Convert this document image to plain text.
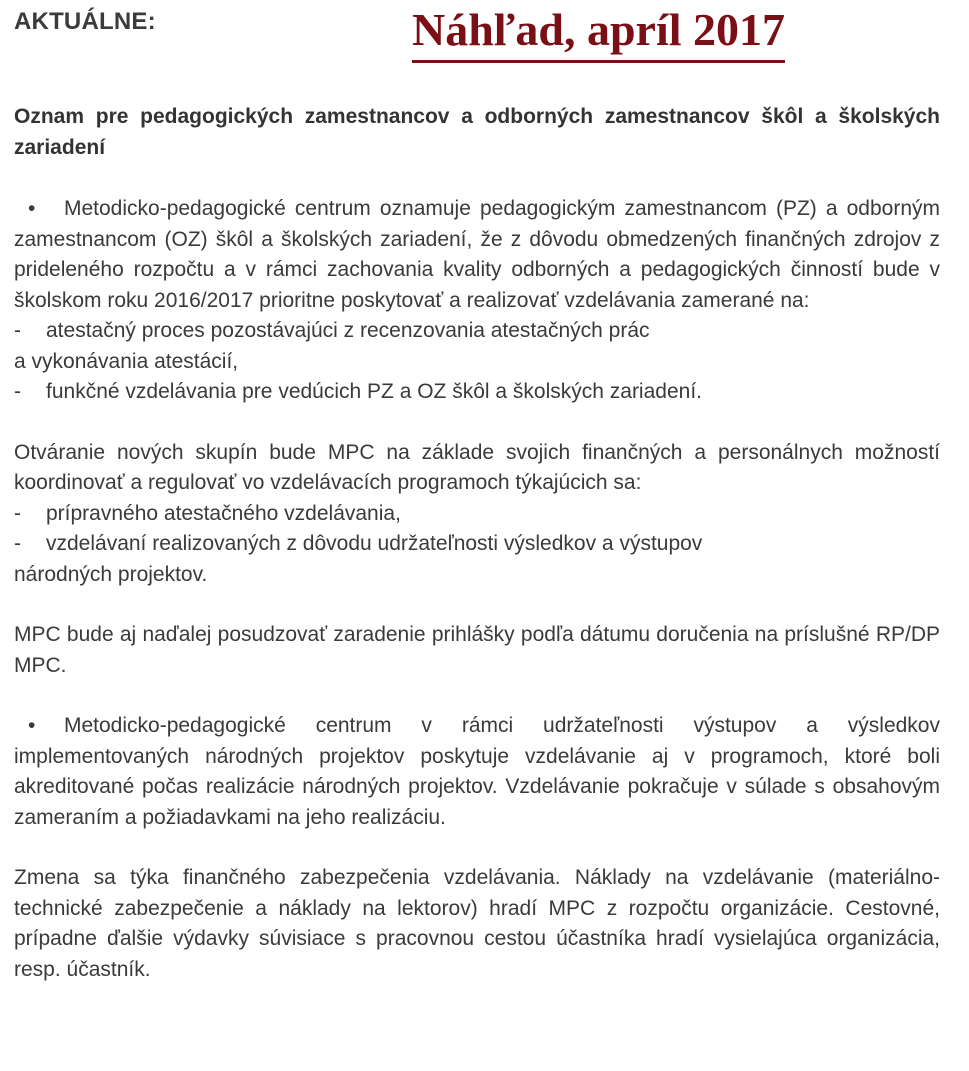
AKTUÁLNE:	Náhľad, apríl 2017

Oznam pre pedagogických zamestnancov a odborných zamestnancov škôl a školských zariadení

• Metodicko-pedagogické centrum oznamuje pedagogickým zamestnancom (PZ) a odborným zamestnancom (OZ) škôl a školských zariadení, že z dôvodu obmedzených finančných zdrojov z prideleného rozpočtu a v rámci zachovania kvality odborných a pedagogických činností bude v školskom roku 2016/2017 prioritne poskytovať a realizovať vzdelávania zamerané na:

- atestačný proces pozostávajúci z recenzovania atestačných prác

a vykonávania atestácií,

- funkčné vzdelávania pre vedúcich PZ a OZ škôl a školských zariadení.

Otváranie nových skupín bude MPC na základe svojich finančných a personálnych možností koordinovať a regulovať vo vzdelávacích programoch týkajúcich sa:

- prípravného atestačného vzdelávania,

- vzdelávaní realizovaných z dôvodu udržateľnosti výsledkov a výstupov

národných projektov.

MPC bude aj naďalej posudzovať zaradenie prihlášky podľa dátumu doručenia na príslušné RP/DP MPC.

• Metodicko-pedagogické centrum v rámci udržateľnosti výstupov a výsledkov implementovaných národných projektov poskytuje vzdelávanie aj v programoch, ktoré boli akreditované počas realizácie národných projektov. Vzdelávanie pokračuje v súlade s obsahovým zameraním a požiadavkami na jeho realizáciu.

Zmena sa týka finančného zabezpečenia vzdelávania. Náklady na vzdelávanie (materiálno-technické zabezpečenie a náklady na lektorov) hradí MPC z rozpočtu organizácie. Cestovné, prípadne ďalšie výdavky súvisiace s pracovnou cestou účastníka hradí vysielajúca organizácia, resp. účastník.
